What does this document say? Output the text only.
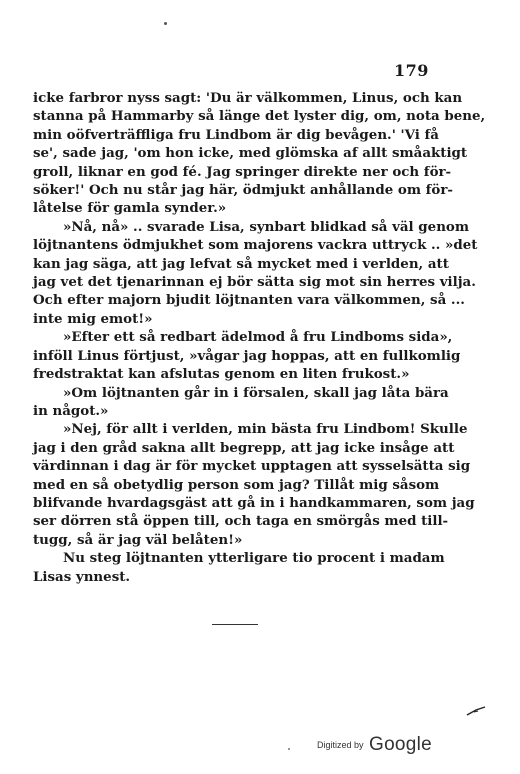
179
icke farbror nyss sagt: 'Du är välkommen, Linus, och kan
stanna på Hammarby så länge det lyster dig, om, nota bene,
min oöfverträffliga fru Lindbom är dig bevågen.' 'Vi få
se', sade jag, 'om hon icke, med glömska af allt småaktigt
groll, liknar en god fé. Jag springer direkte ner och för-
söker!' Och nu står jag här, ödmjukt anhållande om för-
låtelse för gamla synder.»
»Nå, nå» .. svarade Lisa, synbart blidkad så väl genom
löjtnantens ödmjukhet som majorens vackra uttryck .. »det
kan jag säga, att jag lefvat så mycket med i verlden, att
jag vet det tjenarinnan ej bör sätta sig mot sin herres vilja.
Och efter majorn bjudit löjtnanten vara välkommen, så ...
inte mig emot!»
»Efter ett så redbart ädelmod å fru Lindboms sida»,
inföll Linus förtjust, »vågar jag hoppas, att en fullkomlig
fredstraktat kan afslutas genom en liten frukost.»
»Om löjtnanten går in i försalen, skall jag låta bära
in något.»
»Nej, för allt i verlden, min bästa fru Lindbom! Skulle
jag i den gråd sakna allt begrepp, att jag icke insåge att
värdinnan i dag är för mycket upptagen att sysselsätta sig
med en så obetydlig person som jag? Tillåt mig såsom
blifvande hvardagsgäst att gå in i handkammaren, som jag
ser dörren stå öppen till, och taga en smörgås med till-
tugg, så är jag väl belåten!»
Nu steg löjtnanten ytterligare tio procent i madam
Lisas ynnest.
Digitized by Google
